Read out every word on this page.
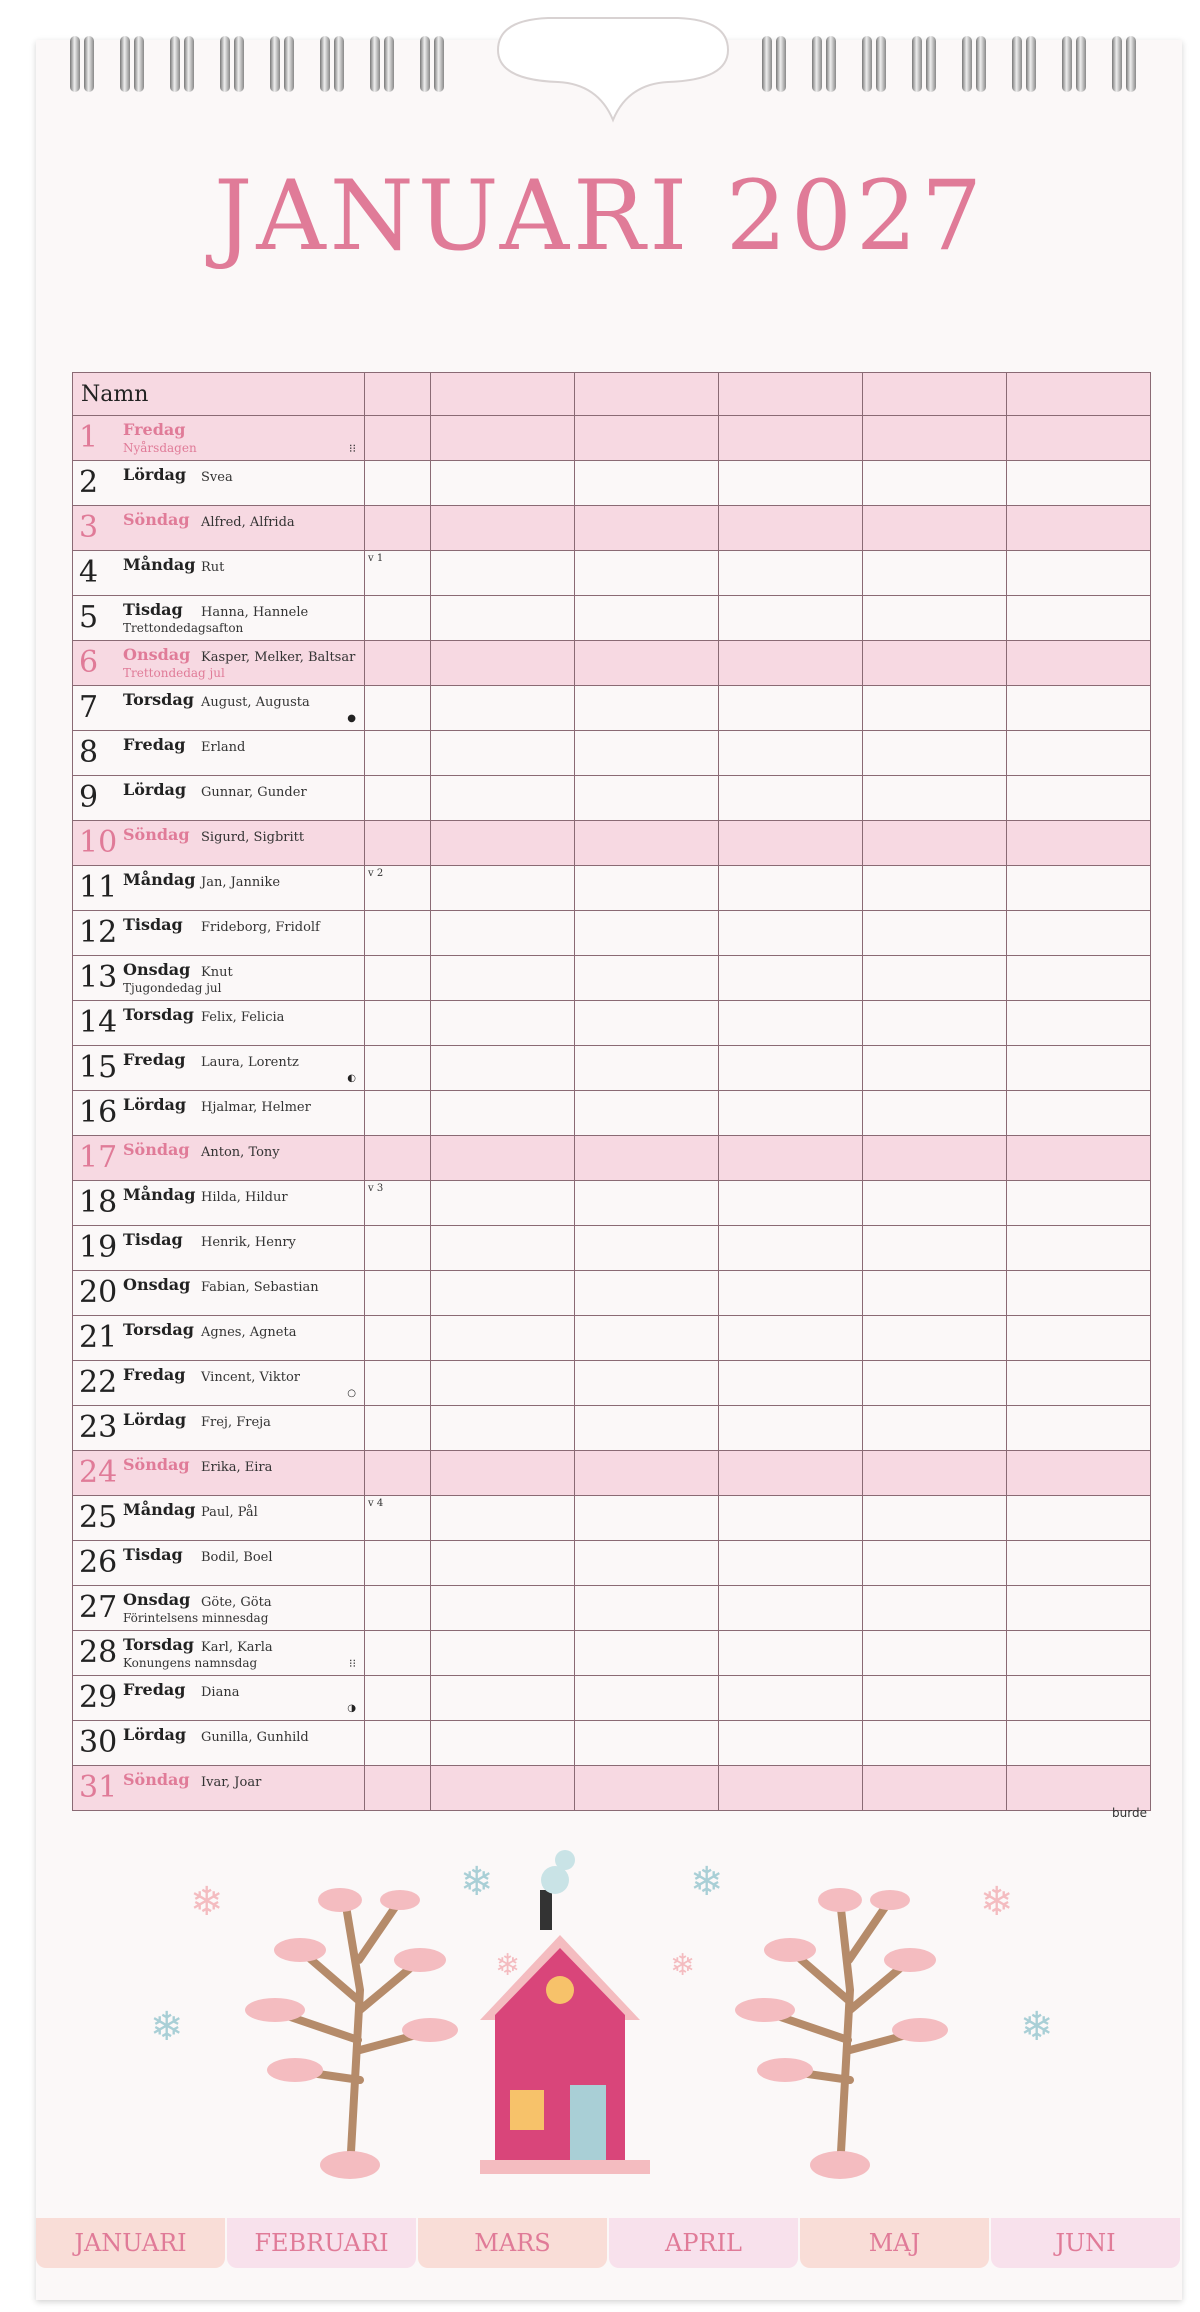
JANUARI 2027
Namn						

1 Fredag
Nyårsdagen ⁝⁝						

2 Lördag Svea						

3 Söndag Alfred, Alfrida						

4 Måndag Rut	v 1					

5 Tisdag Hanna, Hannele
Trettondedagsafton						

6 Onsdag Kasper, Melker, Baltsar
Trettondedag jul						

7 Torsdag August, Augusta
●						

8 Fredag Erland						

9 Lördag Gunnar, Gunder						

10 Söndag Sigurd, Sigbritt						

11 Måndag Jan, Jannike	v 2					

12 Tisdag Frideborg, Fridolf						

13 Onsdag Knut
Tjugondedag jul						

14 Torsdag Felix, Felicia						

15 Fredag Laura, Lorentz
◐						

16 Lördag Hjalmar, Helmer						

17 Söndag Anton, Tony						

18 Måndag Hilda, Hildur	v 3					

19 Tisdag Henrik, Henry						

20 Onsdag Fabian, Sebastian						

21 Torsdag Agnes, Agneta						

22 Fredag Vincent, Viktor
○						

23 Lördag Frej, Freja						

24 Söndag Erika, Eira						

25 Måndag Paul, Pål	v 4					

26 Tisdag Bodil, Boel						

27 Onsdag Göte, Göta
Förintelsens minnesdag						

28 Torsdag Karl, Karla
Konungens namnsdag ⁝⁝						

29 Fredag Diana
◑						

30 Lördag Gunilla, Gunhild						

31 Söndag Ivar, Joar						

burde
❄	❄
❄	❄
❄	❄
❄	❄
JANUARI	FEBRUARI	MARS	APRIL	MAJ	JUNI
